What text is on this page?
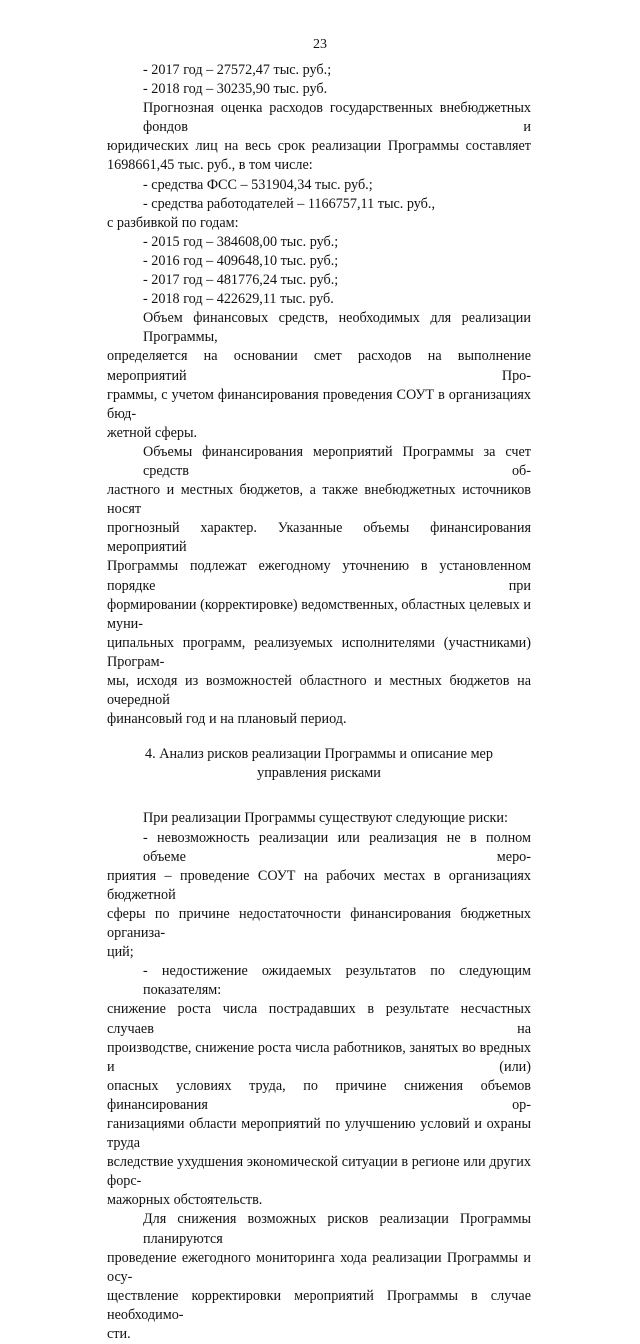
23
- 2017 год – 27572,47 тыс. руб.;
- 2018 год – 30235,90 тыс. руб.
Прогнозная оценка расходов государственных внебюджетных фондов и
юридических лиц на весь срок реализации Программы составляет
1698661,45 тыс. руб., в том числе:
- средства ФСС – 531904,34 тыс. руб.;
- средства работодателей – 1166757,11 тыс. руб.,
с разбивкой по годам:
- 2015 год – 384608,00 тыс. руб.;
- 2016 год – 409648,10 тыс. руб.;
- 2017 год – 481776,24 тыс. руб.;
- 2018 год – 422629,11 тыс. руб.
Объем финансовых средств, необходимых для реализации Программы,
определяется на основании смет расходов на выполнение мероприятий Про-
граммы, с учетом финансирования проведения СОУТ в организациях бюд-
жетной сферы.
Объемы финансирования мероприятий Программы за счет средств об-
ластного и местных бюджетов, а также внебюджетных источников носят
прогнозный характер. Указанные объемы финансирования мероприятий
Программы подлежат ежегодному уточнению в установленном порядке при
формировании (корректировке) ведомственных, областных целевых и муни-
ципальных программ, реализуемых исполнителями (участниками) Програм-
мы, исходя из возможностей областного и местных бюджетов на очередной
финансовый год и на плановый период.
4. Анализ рисков реализации Программы и описание мер
управления рисками
При реализации Программы существуют следующие риски:
- невозможность реализации или реализация не в полном объеме меро-
приятия – проведение СОУТ на рабочих местах в организациях бюджетной
сферы по причине недостаточности финансирования бюджетных организа-
ций;
- недостижение ожидаемых результатов по следующим показателям:
снижение роста числа пострадавших в результате несчастных случаев на
производстве, снижение роста числа работников, занятых во вредных и (или)
опасных условиях труда, по причине снижения объемов финансирования ор-
ганизациями области мероприятий по улучшению условий и охраны труда
вследствие ухудшения экономической ситуации в регионе или других форс-
мажорных обстоятельств.
Для снижения возможных рисков реализации Программы планируются
проведение ежегодного мониторинга хода реализации Программы и осу-
ществление корректировки мероприятий Программы в случае необходимо-
сти.
